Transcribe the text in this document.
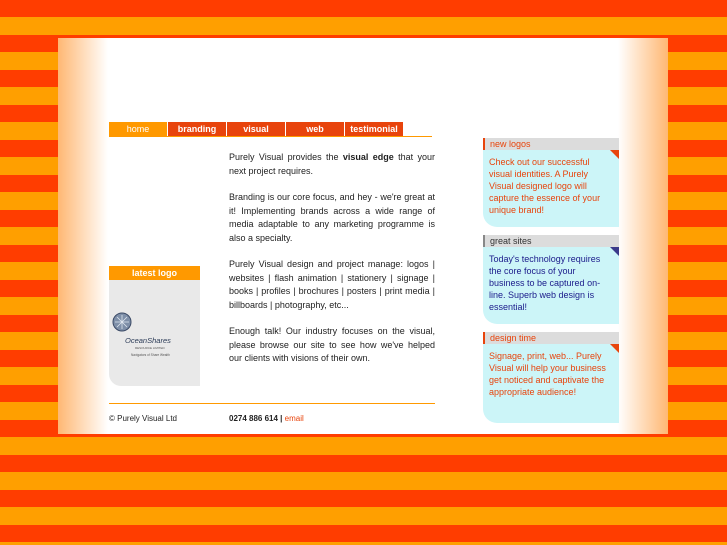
home	branding	visual	web	testimonial

Purely Visual provides the visual edge that your next project requires.

Branding is our core focus, and hey - we're great at it! Implementing brands across a wide range of media adaptable to any marketing programme is also a specialty.

Purely Visual design and project manage: logos | websites | flash animation | stationery | signage | books | profiles | brochures | posters | print media | billboards | photography, etc...

Enough talk! Our industry focuses on the visual, please browse our site to see how we've helped our clients with visions of their own.

latest logo
OceanShares
RESOURCE LIMITED
Navigators of Share Wealth
new logos
Check out our successful visual identities. A Purely Visual designed logo will capture the essence of your unique brand!
great sites
Today's technology requires the core focus of your business to be captured on-line. Superb web design is essential!
design time
Signage, print, web... Purely Visual will help your business get noticed and captivate the appropriate audience!
© Purely Visual Ltd	0274 886 614 | email
